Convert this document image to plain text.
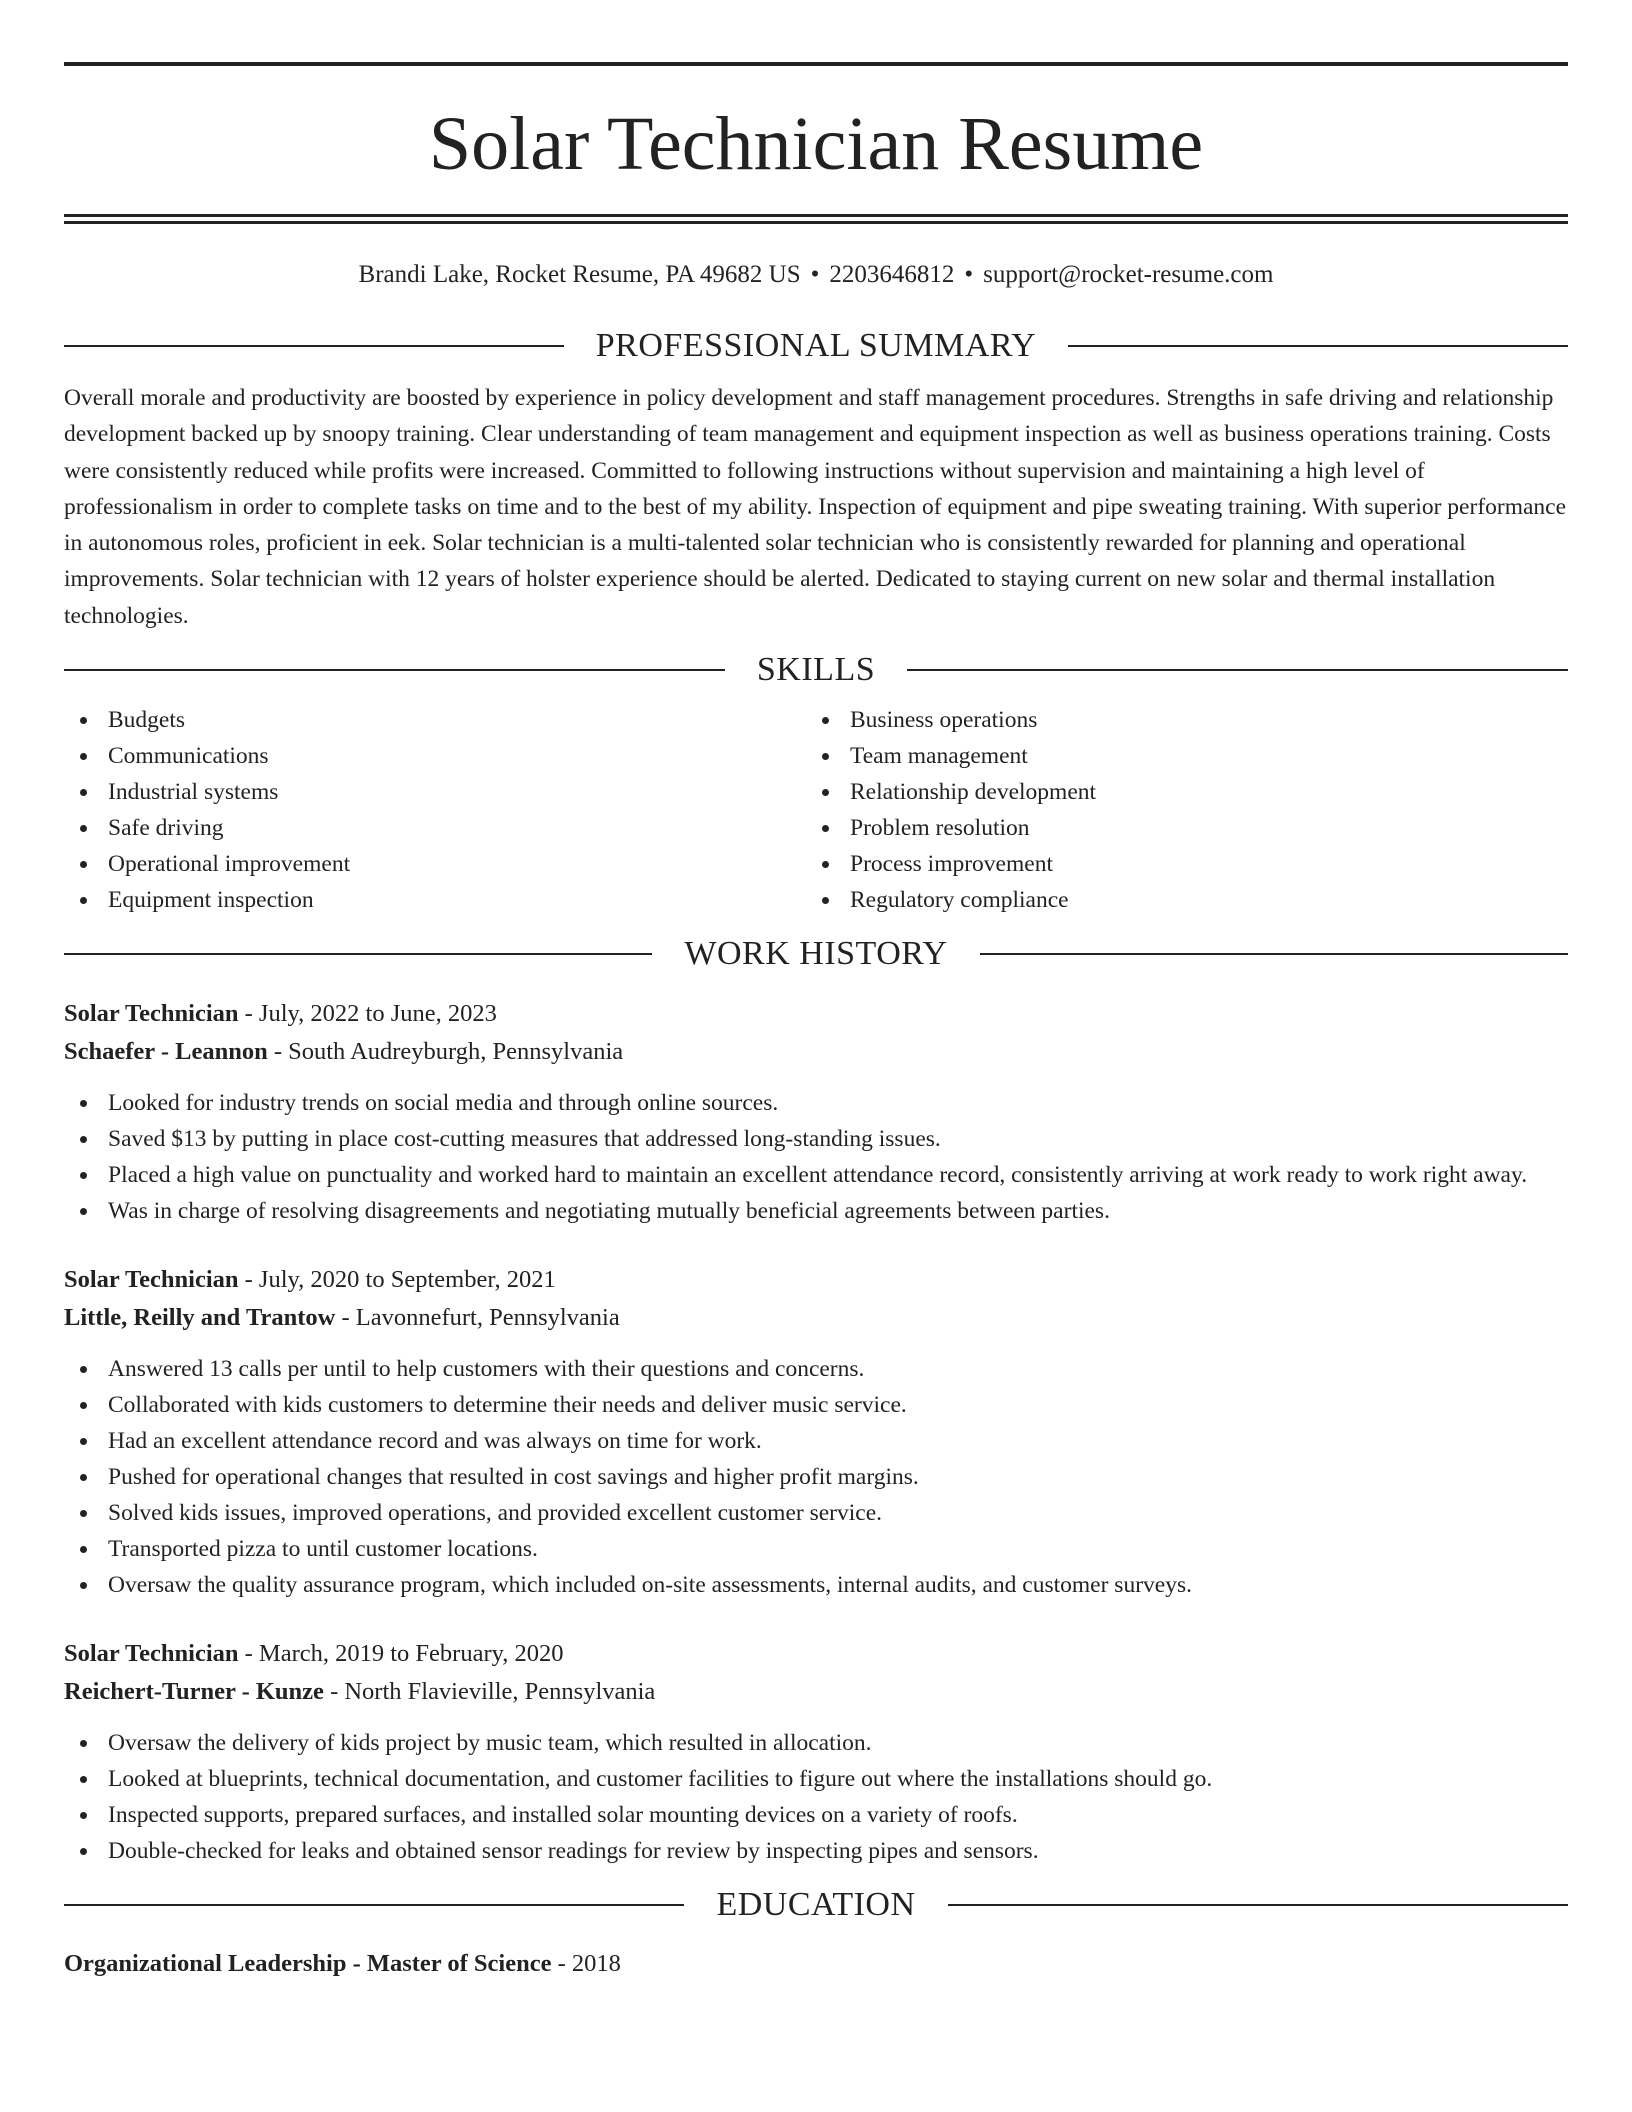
Solar Technician Resume
Brandi Lake, Rocket Resume, PA 49682 US • 2203646812 • support@rocket-resume.com
PROFESSIONAL SUMMARY
Overall morale and productivity are boosted by experience in policy development and staff management procedures. Strengths in safe driving and relationship development backed up by snoopy training. Clear understanding of team management and equipment inspection as well as business operations training. Costs were consistently reduced while profits were increased. Committed to following instructions without supervision and maintaining a high level of professionalism in order to complete tasks on time and to the best of my ability. Inspection of equipment and pipe sweating training. With superior performance in autonomous roles, proficient in eek. Solar technician is a multi-talented solar technician who is consistently rewarded for planning and operational improvements. Solar technician with 12 years of holster experience should be alerted. Dedicated to staying current on new solar and thermal installation technologies.
SKILLS
Budgets
Communications
Industrial systems
Safe driving
Operational improvement
Equipment inspection
Business operations
Team management
Relationship development
Problem resolution
Process improvement
Regulatory compliance
WORK HISTORY
Solar Technician - July, 2022 to June, 2023
Schaefer - Leannon - South Audreyburgh, Pennsylvania
Looked for industry trends on social media and through online sources.
Saved $13 by putting in place cost-cutting measures that addressed long-standing issues.
Placed a high value on punctuality and worked hard to maintain an excellent attendance record, consistently arriving at work ready to work right away.
Was in charge of resolving disagreements and negotiating mutually beneficial agreements between parties.
Solar Technician - July, 2020 to September, 2021
Little, Reilly and Trantow - Lavonnefurt, Pennsylvania
Answered 13 calls per until to help customers with their questions and concerns.
Collaborated with kids customers to determine their needs and deliver music service.
Had an excellent attendance record and was always on time for work.
Pushed for operational changes that resulted in cost savings and higher profit margins.
Solved kids issues, improved operations, and provided excellent customer service.
Transported pizza to until customer locations.
Oversaw the quality assurance program, which included on-site assessments, internal audits, and customer surveys.
Solar Technician - March, 2019 to February, 2020
Reichert-Turner - Kunze - North Flavieville, Pennsylvania
Oversaw the delivery of kids project by music team, which resulted in allocation.
Looked at blueprints, technical documentation, and customer facilities to figure out where the installations should go.
Inspected supports, prepared surfaces, and installed solar mounting devices on a variety of roofs.
Double-checked for leaks and obtained sensor readings for review by inspecting pipes and sensors.
EDUCATION
Organizational Leadership - Master of Science - 2018
